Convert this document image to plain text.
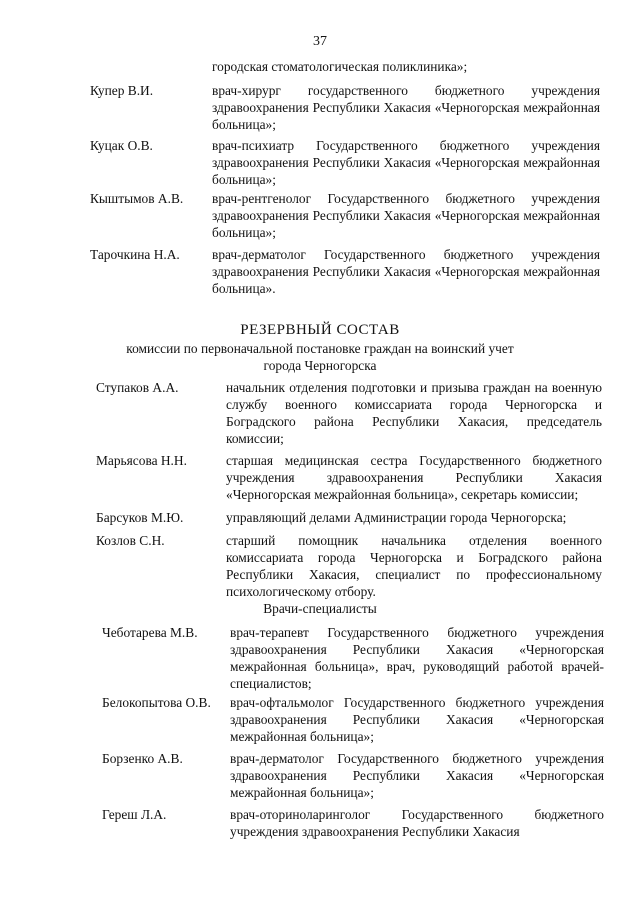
37
городская стоматологическая поликлиника»;
Купер В.И.	врач-хирург государственного бюджетного учреждения здравоохранения Республики Хакасия «Черногорская межрайонная больница»;
Куцак О.В.	врач-психиатр Государственного бюджетного учреждения здравоохранения Республики Хакасия «Черногорская межрайонная больница»;
Кыштымов А.В. врач-рентгенолог Государственного бюджетного учреждения здравоохранения Республики Хакасия «Черногорская межрайонная больница»;
Тарочкина Н.А. врач-дерматолог Государственного бюджетного учреждения здравоохранения Республики Хакасия «Черногорская межрайонная больница».
РЕЗЕРВНЫЙ СОСТАВ
комиссии по первоначальной постановке граждан на воинский учет
города Черногорска
Ступаков А.А.	начальник отделения подготовки и призыва граждан на военную службу военного комиссариата города Черногорска и Боградского района Республики Хакасия, председатель комиссии;
Марьясова Н.Н.	старшая медицинская сестра Государственного бюджетного учреждения здравоохранения Республики Хакасия «Черногорская межрайонная больница», секретарь комиссии;
Барсуков М.Ю.	управляющий делами Администрации города Черногорска;
Козлов С.Н.	старший помощник начальника отделения военного комиссариата города Черногорска и Боградского района Республики Хакасия, специалист по профессиональному психологическому отбору.
Врачи-специалисты
Чеботарева М.В. врач-терапевт Государственного бюджетного учреждения здравоохранения Республики Хакасия «Черногорская межрайонная больница», врач, руководящий работой врачей-специалистов;
Белокопытова О.В. врач-офтальмолог Государственного бюджетного учреждения здравоохранения Республики Хакасия «Черногорская межрайонная больница»;
Борзенко А.В.	врач-дерматолог Государственного бюджетного учреждения здравоохранения Республики Хакасия «Черногорская межрайонная больница»;
Гереш Л.А.	врач-оториноларинголог Государственного бюджетного учреждения здравоохранения Республики Хакасия
